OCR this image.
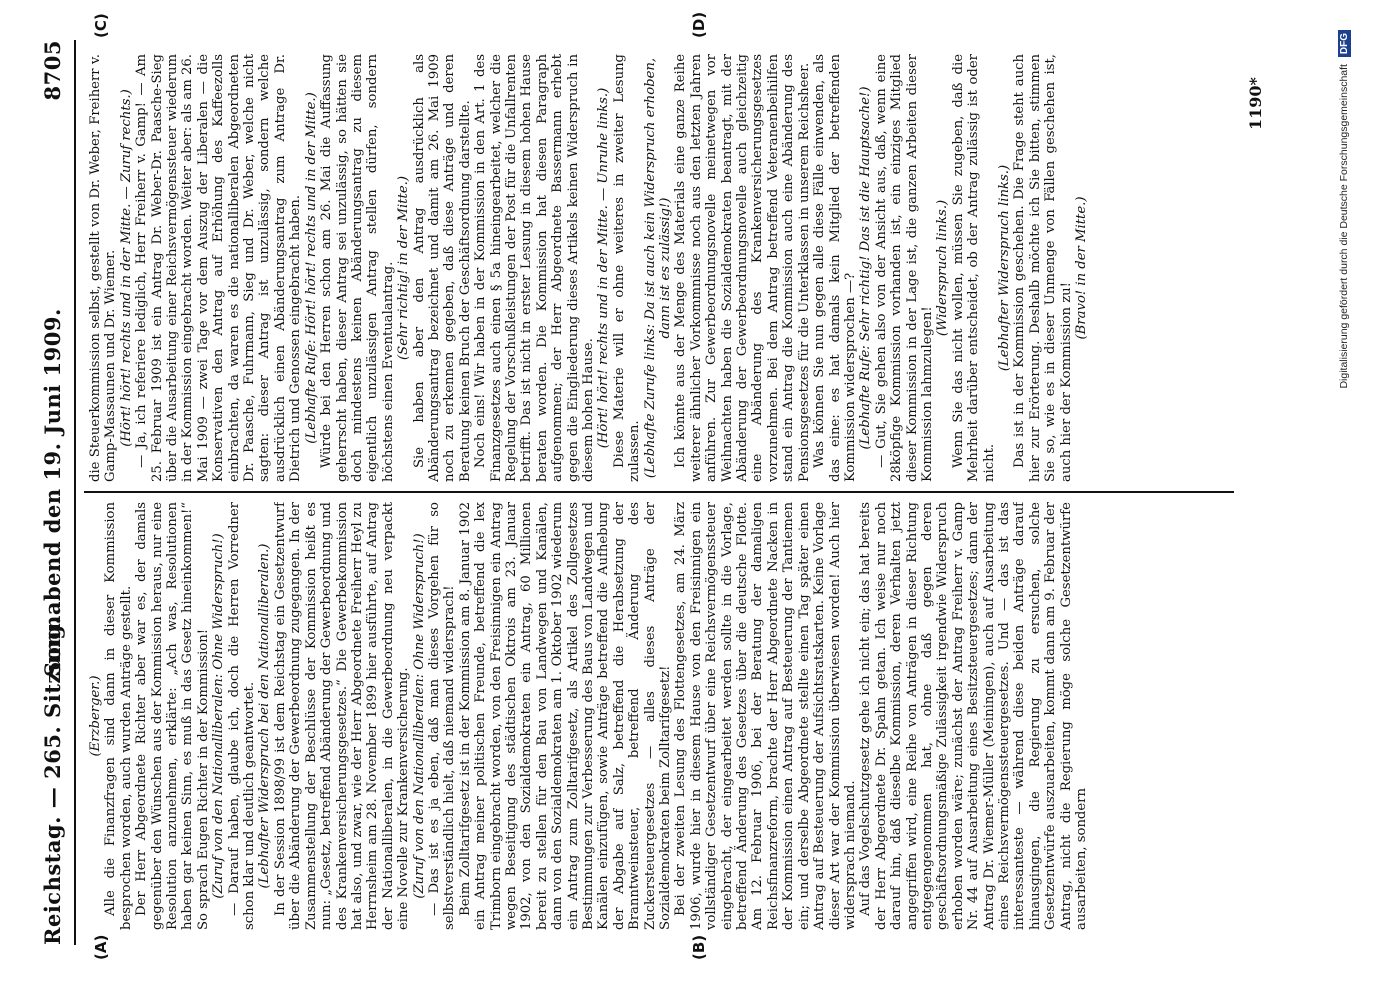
Reichstag. — 265. Sitzung.
Sonnabend den 19. Juni 1909.
8705
(A)	(B)
(C)	(D)

(Erzberger.) Alle die Finanzfragen sind dann in dieser Kommission besprochen worden, auch wurden Anträge gestellt. Der Herr Abgeordnete Richter aber war es, der damals gegenüber den Wünschen aus der Kommission heraus, nur eine Resolution anzunehmen, erklärte: „Ach was, Resolutionen haben gar keinen Sinn, es muß in das Gesetz hineinkommen!“ So sprach Eugen Richter in der Kommission! (Zuruf von den Nationalliberalen: Ohne Widerspruch!) — Darauf haben, glaube ich, doch die Herren Vorredner schon klar und deutlich geantwortet. (Lebhafter Widerspruch bei den Nationalliberalen.) In der Session 1898/99 ist dem Reichstag ein Gesetzentwurf über die Abänderung der Gewerbeordnung zugegangen. In der Zusammenstellung der Beschlüsse der Kommission heißt es nun: „Gesetz, betreffend Abänderung der Gewerbeordnung und des Krankenversicherungsgesetzes.“ Die Gewerbekommission hat also, und zwar, wie der Herr Abgeordnete Freiherr Heyl zu Herrnsheim am 28. November 1899 hier ausführte, auf Antrag der Nationalliberalen, in die Gewerbeordnung neu verpackt eine Novelle zur Krankenversicherung. (Zuruf von den Nationalliberalen: Ohne Widerspruch!) — Das ist es ja eben, daß man dieses Vorgehen für so selbstverständlich hielt, daß niemand widersprach! Beim Zolltarifgesetz ist in der Kommission am 8. Januar 1902 ein Antrag meiner politischen Freunde, betreffend die lex Trimborn eingebracht worden, von den Freisinnigen ein Antrag wegen Beseitigung des städtischen Oktrois am 23. Januar 1902, von den Sozialdemokraten ein Antrag, 60 Millionen bereit zu stellen für den Bau von Landwegen und Kanälen, dann von den Sozialdemokraten am 1. Oktober 1902 wiederum ein Antrag zum Zolltarifgesetz, als Artikel des Zollgesetzes Bestimmungen zur Verbesserung des Baus von Landwegen und Kanälen einzufügen, sowie Anträge betreffend die Aufhebung der Abgabe auf Salz, betreffend die Herabsetzung der Branntweinsteuer, betreffend Änderung des Zuckersteuergesetzes — alles dieses Anträge der Sozialdemokraten beim Zolltarifgesetz! Bei der zweiten Lesung des Flottengesetzes, am 24. März 1906, wurde hier in diesem Hause von den Freisinnigen ein vollständiger Gesetzentwurf über eine Reichsvermögenssteuer eingebracht, der eingearbeitet werden sollte in die Vorlage, betreffend Änderung des Gesetzes über die deutsche Flotte. Am 12. Februar 1906, bei der Beratung der damaligen Reichsfinanzreform, brachte der Herr Abgeordnete Nacken in der Kommission einen Antrag auf Besteuerung der Tantiemen ein; und derselbe Abgeordnete stellte einen Tag später einen Antrag auf Besteuerung der Aufsichtsratskarten. Keine Vorlage dieser Art war der Kommission überwiesen worden! Auch hier widersprach niemand. Auf das Vogelschutzgesetz gehe ich nicht ein; das hat bereits der Herr Abgeordnete Dr. Spahn getan. Ich weise nur noch darauf hin, daß dieselbe Kommission, deren Verhalten jetzt angegriffen wird, eine Reihe von Anträgen in dieser Richtung entgegengenommen hat, ohne daß gegen deren geschäftsordnungsmäßige Zulässigkeit irgendwie Widerspruch erhoben worden wäre; zunächst der Antrag Freiherr v. Gamp Nr. 44 auf Ausarbeitung eines Besitzsteuergesetzes; dann der Antrag Dr. Wiemer-Müller (Meiningen), auch auf Ausarbeitung eines Reichsvermögenssteuergesetzes. Und — das ist das interessanteste — während diese beiden Anträge darauf hinausgingen, die Regierung zu ersuchen, solche Gesetzentwürfe auszuarbeiten, kommt dann am 9. Februar der Antrag, nicht die Regierung möge solche Gesetzentwürfe ausarbeiten, sondern

die Steuerkommission selbst, gestellt von Dr. Weber, Freiherr v. Gamp-Massaunen und Dr. Wiemer. (Hört! hört! rechts und in der Mitte. — Zuruf rechts.) — Ja, ich referiere lediglich, Herr Freiherr v. Gamp! — Am 25. Februar 1909 ist ein Antrag Dr. Weber-Dr. Paasche-Sieg über die Ausarbeitung einer Reichsvermögenssteuer wiederum in der Kommission eingebracht worden. Weiter aber: als am 26. Mai 1909 — zwei Tage vor dem Auszug der Liberalen — die Konservativen den Antrag auf Erhöhung des Kaffeezolls einbrachten, da waren es die nationalliberalen Abgeordneten Dr. Paasche, Fuhrmann, Sieg und Dr. Weber, welche nicht sagten: dieser Antrag ist unzulässig, sondern welche ausdrücklich einen Abänderungsantrag zum Antrage Dr. Dietrich und Genossen eingebracht haben. (Lebhafte Rufe: Hört! hört! rechts und in der Mitte.) Würde bei den Herren schon am 26. Mai die Auffassung geherrscht haben, dieser Antrag sei unzulässig, so hätten sie doch mindestens keinen Abänderungsantrag zu diesem eigentlich unzulässigen Antrag stellen dürfen, sondern höchstens einen Eventualantrag. (Sehr richtig! in der Mitte.) Sie haben aber den Antrag ausdrücklich als Abänderungsantrag bezeichnet und damit am 26. Mai 1909 noch zu erkennen gegeben, daß diese Anträge und deren Beratung keinen Bruch der Geschäftsordnung darstellte. Noch eins! Wir haben in der Kommission in den Art. 1 des Finanzgesetzes auch einen § 5a hineingearbeitet, welcher die Regelung der Vorschußleistungen der Post für die Unfallrenten betrifft. Das ist nicht in erster Lesung in diesem hohen Hause beraten worden. Die Kommission hat diesen Paragraph aufgenommen; der Herr Abgeordnete Bassermann erhebt gegen die Eingliederung dieses Artikels keinen Widerspruch in diesem hohen Hause. (Hört! hört! rechts und in der Mitte. — Unruhe links.) Diese Materie will er ohne weiteres in zweiter Lesung zulassen. (Lebhafte Zurufe links: Da ist auch kein Widerspruch erhoben, dann ist es zulässig!) Ich könnte aus der Menge des Materials eine ganze Reihe weiterer ähnlicher Vorkommnisse noch aus den letzten Jahren anführen. Zur Gewerbeordnungsnovelle meinetwegen vor Weihnachten haben die Sozialdemokraten beantragt, mit der Abänderung der Gewerbeordnungsnovelle auch gleichzeitig eine Abänderung des Krankenversicherungsgesetzes vorzunehmen. Bei dem Antrag betreffend Veteranenbeihilfen stand ein Antrag die Kommission auch eine Abänderung des Pensionsgesetzes für die Unterklassen in unserem Reichsheer. Was können Sie nun gegen alle diese Fälle einwenden, als das eine: es hat damals kein Mitglied der betreffenden Kommission widersprochen —? (Lebhafte Rufe: Sehr richtig! Das ist die Hauptsache!) — Gut, Sie gehen also von der Ansicht aus, daß, wenn eine 28köpfige Kommission vorhanden ist, ein einziges Mitglied dieser Kommission in der Lage ist, die ganzen Arbeiten dieser Kommission lahmzulegen!

(Widerspruch links.) Wenn Sie das nicht wollen, müssen Sie zugeben, daß die Mehrheit darüber entscheidet, ob der Antrag zulässig ist oder nicht.

(Lebhafter Widerspruch links.) Das ist in der Kommission geschehen. Die Frage steht auch hier zur Erörterung. Deshalb möchte ich Sie bitten, stimmen Sie so, wie es in dieser Unmenge von Fällen geschehen ist, auch hier der Kommission zu!

(Bravo! in der Mitte.)

1190*	Digitalisierung gefördert durch die Deutsche Forschungsgemeinschaft DFG
